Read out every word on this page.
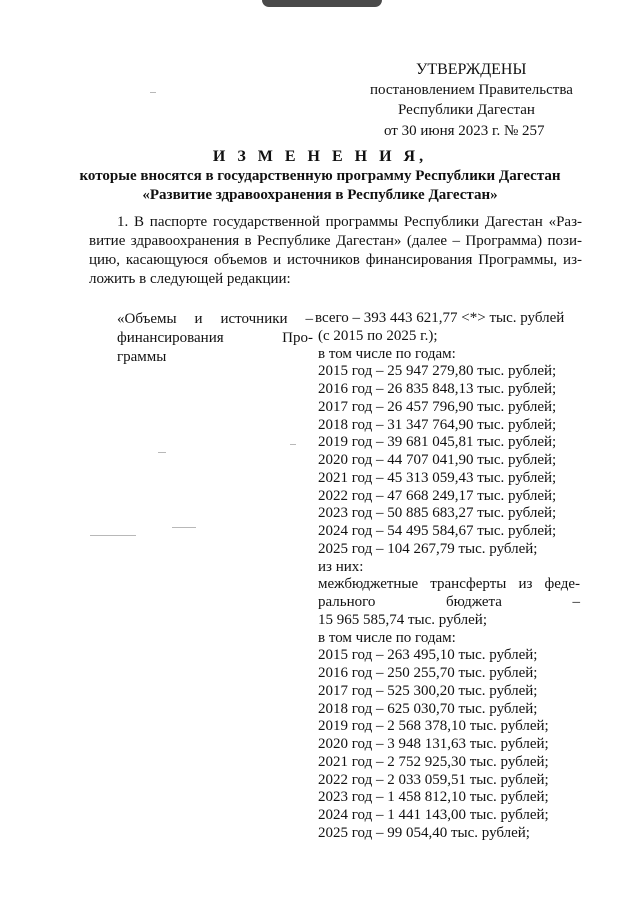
УТВЕРЖДЕНЫ
постановлением Правительства
Республики Дагестан
от 30 июня 2023 г. № 257
И З М Е Н Е Н И Я,
которые вносятся в государственную программу Республики Дагестан
«Развитие здравоохранения в Республике Дагестан»
1. В паспорте государственной программы Республики Дагестан «Раз-
витие здравоохранения в Республике Дагестан» (далее – Программа) пози-
цию, касающуюся объемов и источников финансирования Программы, из-
ложить в следующей редакции:
«Объемы и источники –
финансирования Про-
граммы
всего – 393 443 621,77 <*> тыс. рублей
(с 2015 по 2025 г.);
в том числе по годам:
2015 год – 25 947 279,80 тыс. рублей;
2016 год – 26 835 848,13 тыс. рублей;
2017 год – 26 457 796,90 тыс. рублей;
2018 год – 31 347 764,90 тыс. рублей;
2019 год – 39 681 045,81 тыс. рублей;
2020 год – 44 707 041,90 тыс. рублей;
2021 год – 45 313 059,43 тыс. рублей;
2022 год – 47 668 249,17 тыс. рублей;
2023 год – 50 885 683,27 тыс. рублей;
2024 год – 54 495 584,67 тыс. рублей;
2025 год – 104 267,79 тыс. рублей;
из них:
межбюджетные трансферты из феде-
рального бюджета –
15 965 585,74 тыс. рублей;
в том числе по годам:
2015 год – 263 495,10 тыс. рублей;
2016 год – 250 255,70 тыс. рублей;
2017 год – 525 300,20 тыс. рублей;
2018 год – 625 030,70 тыс. рублей;
2019 год – 2 568 378,10 тыс. рублей;
2020 год – 3 948 131,63 тыс. рублей;
2021 год – 2 752 925,30 тыс. рублей;
2022 год – 2 033 059,51 тыс. рублей;
2023 год – 1 458 812,10 тыс. рублей;
2024 год – 1 441 143,00 тыс. рублей;
2025 год – 99 054,40 тыс. рублей;
